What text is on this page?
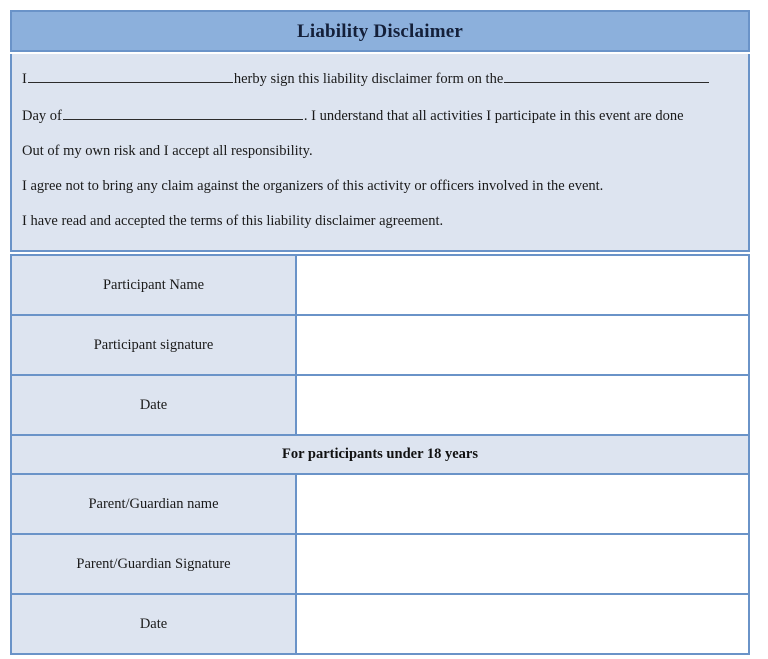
Liability Disclaimer

I	herby sign this liability disclaimer form on the

Day of	. I understand that all activities I participate in this event are done

Out of my own risk and I accept all responsibility.

I agree not to bring any claim against the organizers of this activity or officers involved in the event.

I have read and accepted the terms of this liability disclaimer agreement.

Participant Name	
Participant signature	
Date	
For participants under 18 years	
Parent/Guardian name	
Parent/Guardian Signature	
Date	
